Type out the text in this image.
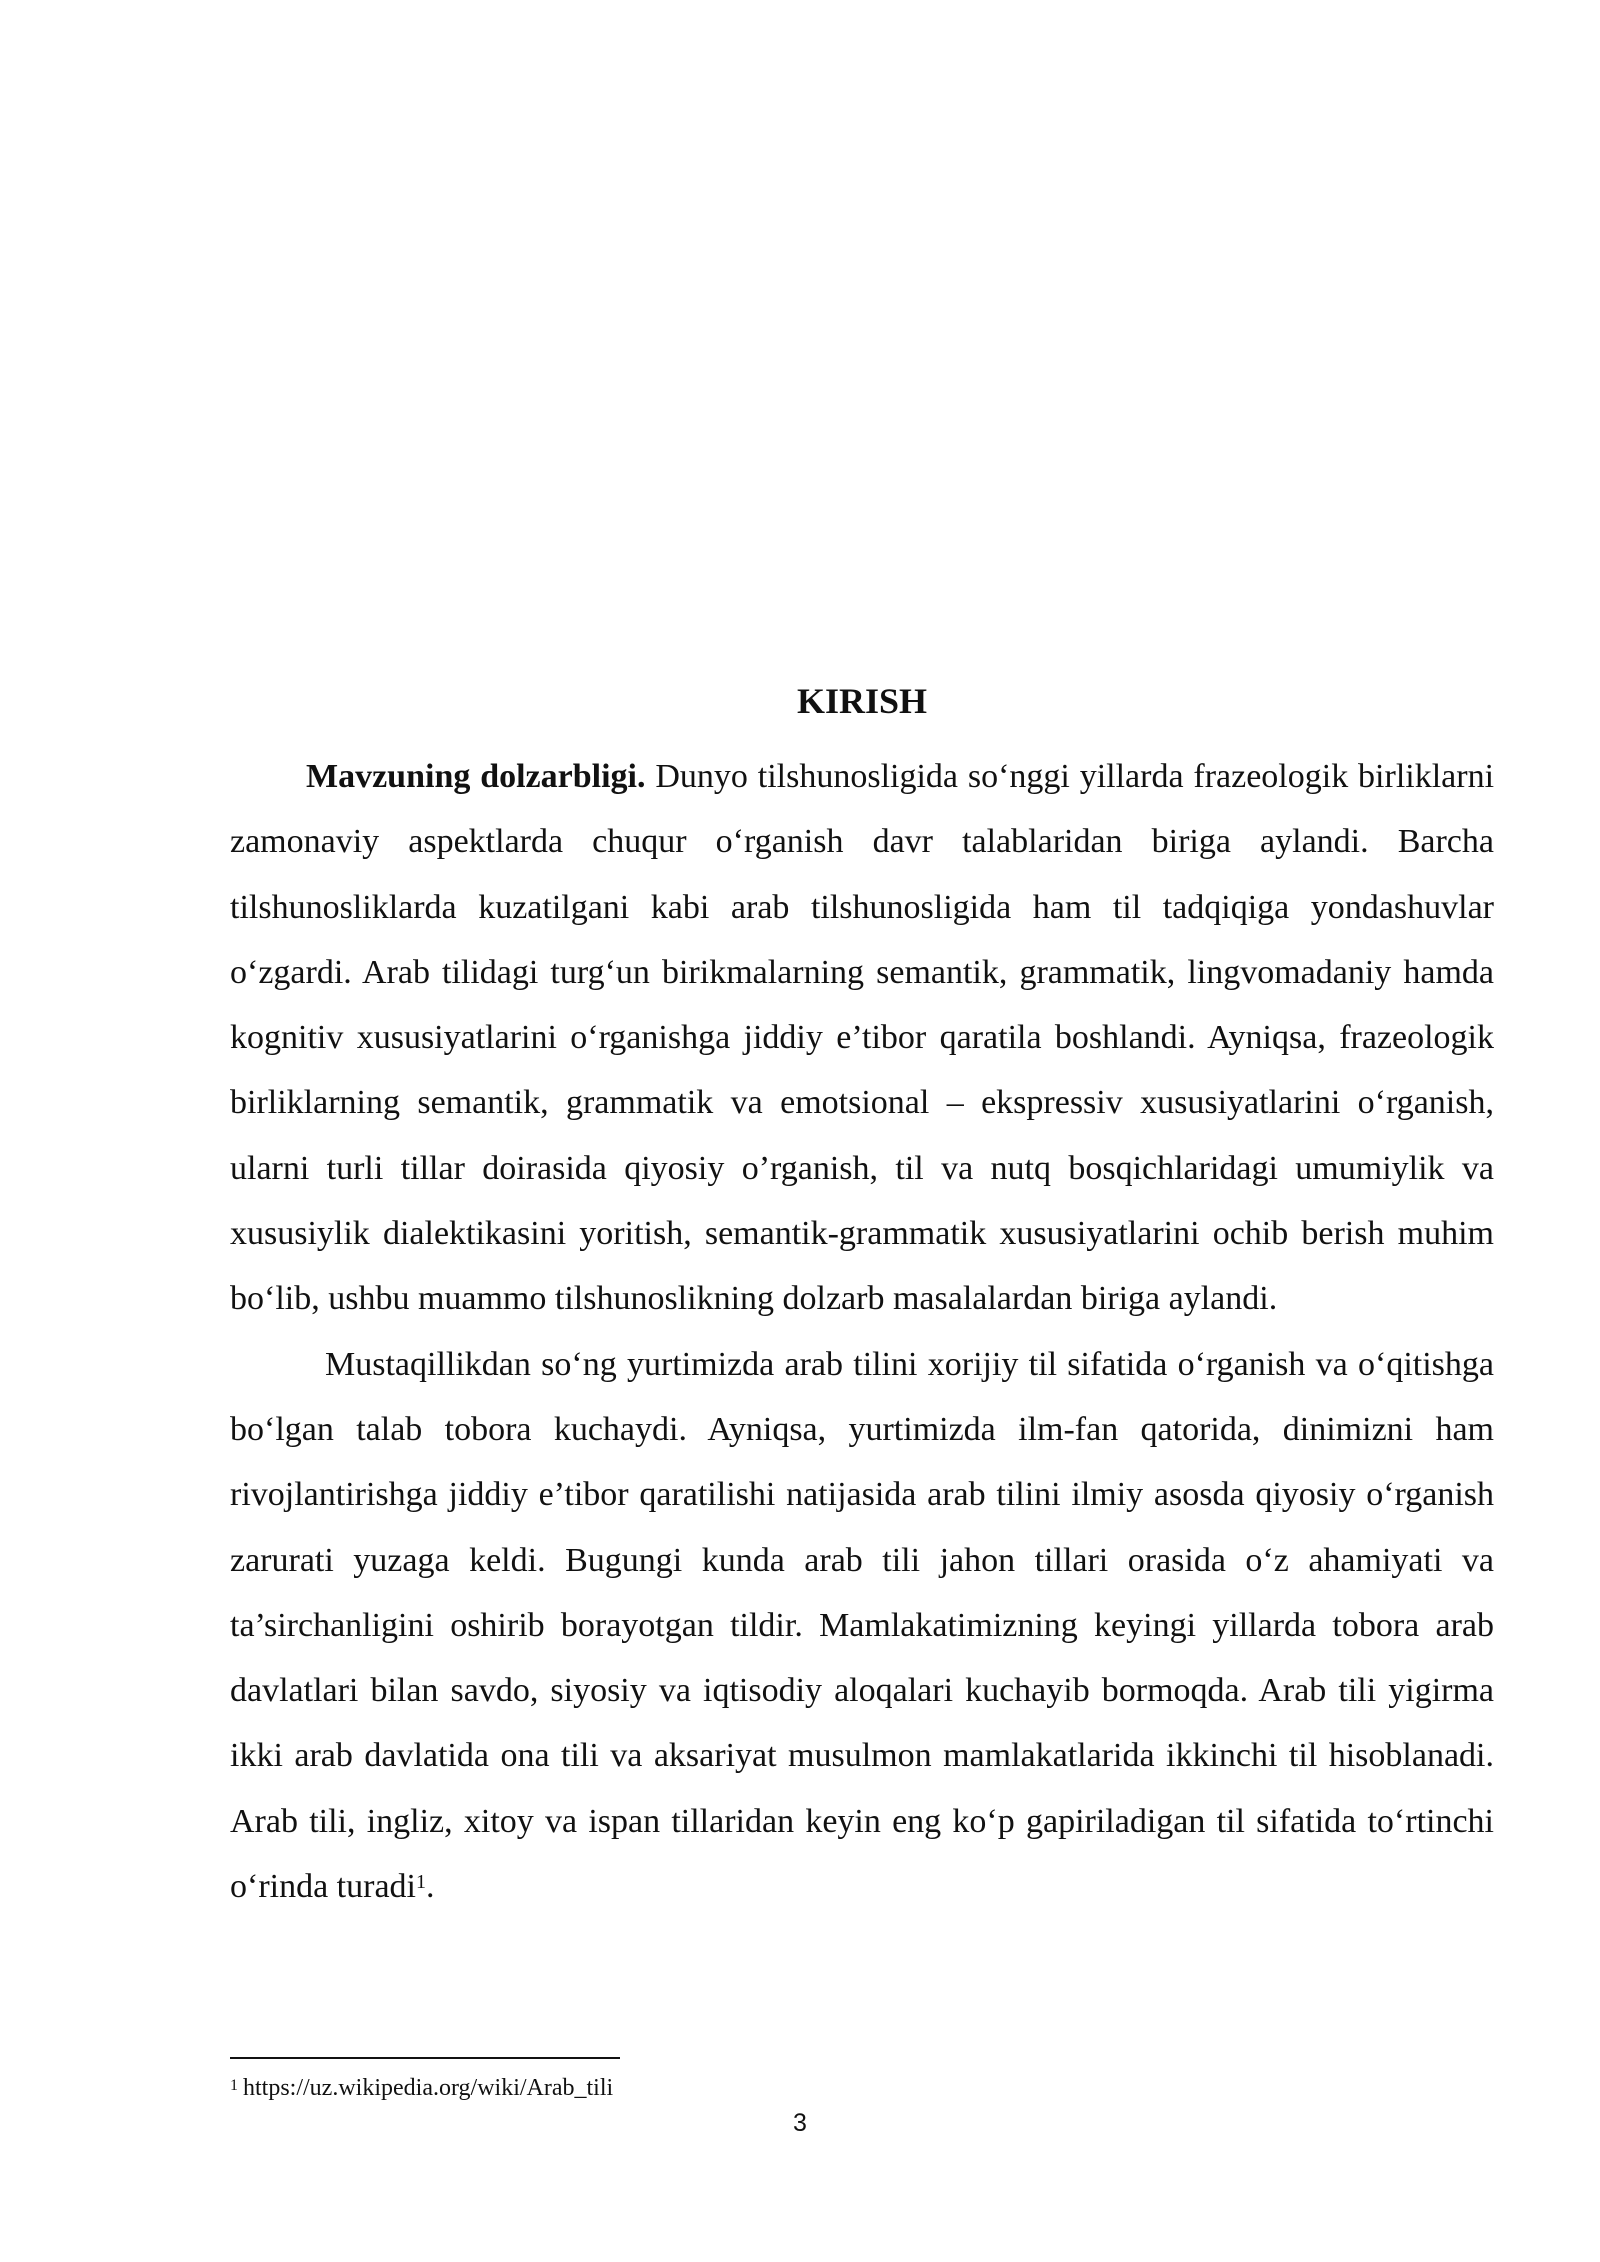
KIRISH

Mavzuning dolzarbligi. Dunyo tilshunosligida so‘nggi yillarda frazeologik birliklarni zamonaviy aspektlarda chuqur o‘rganish davr talablaridan biriga aylandi. Barcha tilshunosliklarda kuzatilgani kabi arab tilshunosligida ham til tadqiqiga yondashuvlar o‘zgardi. Arab tilidagi turg‘un birikmalarning semantik, grammatik, lingvomadaniy hamda kognitiv xususiyatlarini o‘rganishga jiddiy e’tibor qaratila boshlandi. Ayniqsa, frazeologik birliklarning semantik, grammatik va emotsional – ekspressiv xususiyatlarini o‘rganish, ularni turli tillar doirasida qiyosiy o’rganish, til va nutq bosqichlaridagi umumiylik va xususiylik dialektikasini yoritish, semantik-grammatik xususiyatlarini ochib berish muhim bo‘lib, ushbu muammo tilshunoslikning dolzarb masalalardan biriga aylandi.

Mustaqillikdan so‘ng yurtimizda arab tilini xorijiy til sifatida o‘rganish va o‘qitishga bo‘lgan talab tobora kuchaydi. Ayniqsa, yurtimizda ilm-fan qatorida, dinimizni ham rivojlantirishga jiddiy e’tibor qaratilishi natijasida arab tilini ilmiy asosda qiyosiy o‘rganish zarurati yuzaga keldi. Bugungi kunda arab tili jahon tillari orasida o‘z ahamiyati va ta’sirchanligini oshirib borayotgan tildir. Mamlakatimizning keyingi yillarda tobora arab davlatlari bilan savdo, siyosiy va iqtisodiy aloqalari kuchayib bormoqda. Arab tili yigirma ikki arab davlatida ona tili va aksariyat musulmon mamlakatlarida ikkinchi til hisoblanadi. Arab tili, ingliz, xitoy va ispan tillaridan keyin eng ko‘p gapiriladigan til sifatida to‘rtinchi o‘rinda turadi$^1$.

$^1$ https://uz.wikipedia.org/wiki/Arab_tili
3
